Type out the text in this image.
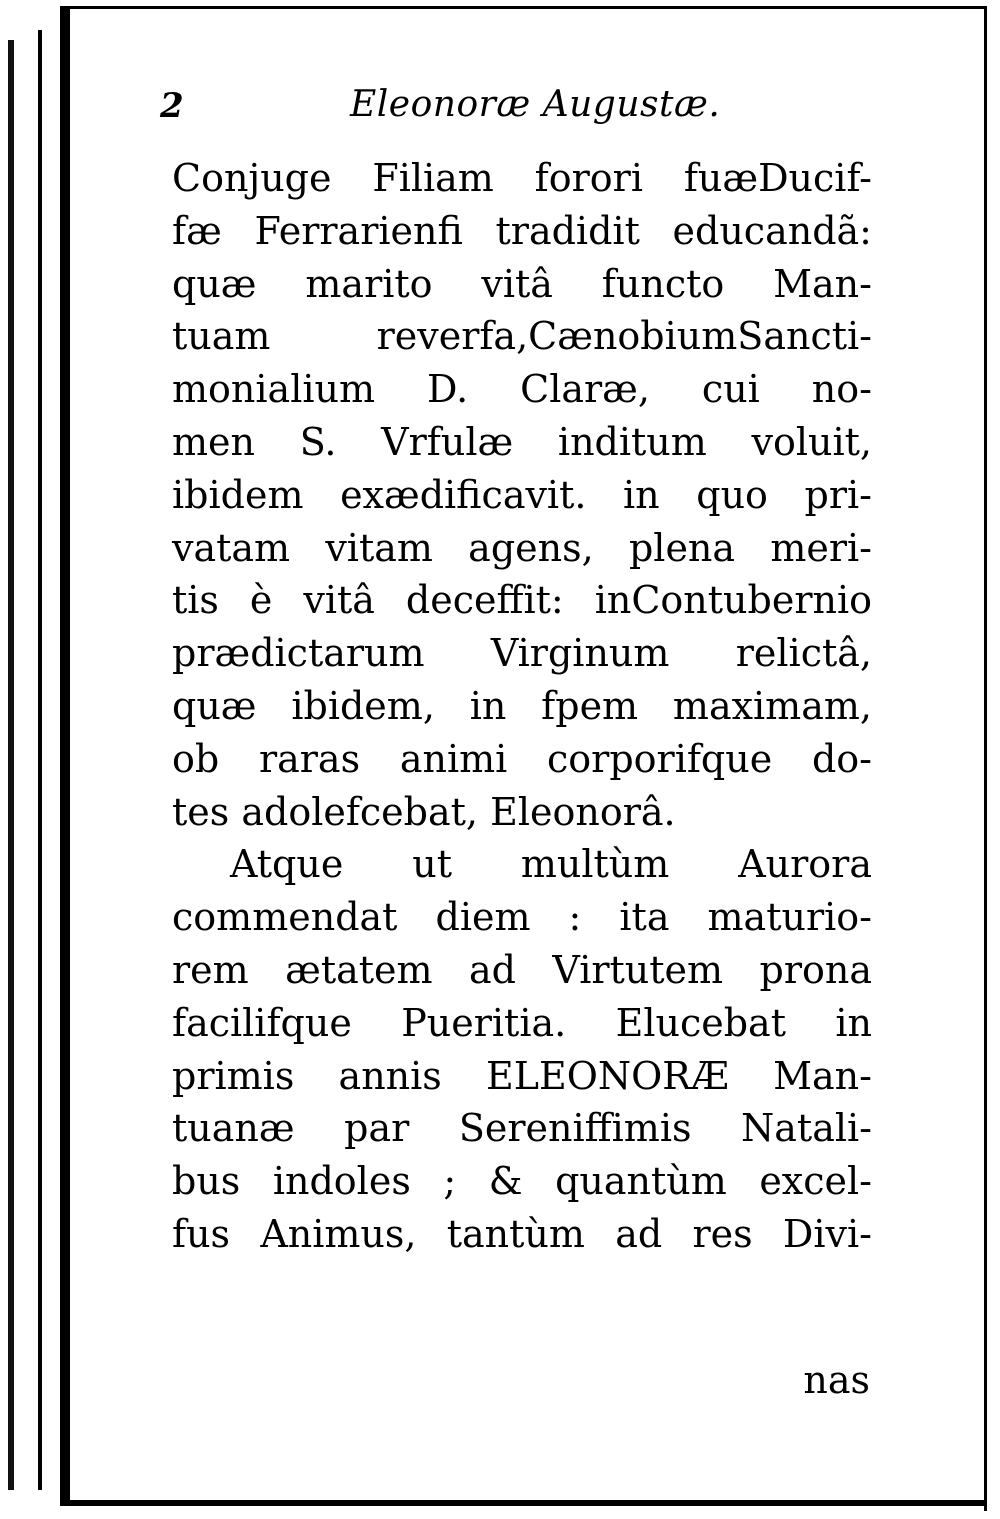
2	Eleonoræ Augustæ.
Conjuge Filiam forori fuæDucif-
fæ Ferrarienfi tradidit educandã:
quæ marito vitâ functo Man-
tuam reverfa,CænobiumSancti-
monialium D. Claræ, cui no-
men S. Vrfulæ inditum voluit,
ibidem exædificavit. in quo pri-
vatam vitam agens, plena meri-
tis è vitâ deceffit: inContubernio
prædictarum Virginum relictâ,
quæ ibidem, in fpem maximam,
ob raras animi corporifque do-
tes adolefcebat, Eleonorâ.
Atque ut multùm Aurora
commendat diem : ita maturio-
rem ætatem ad Virtutem prona
facilifque Pueritia. Elucebat in
primis annis ELEONORÆ Man-
tuanæ par Sereniffimis Natali-
bus indoles ; & quantùm excel-
fus Animus, tantùm ad res Divi-
nas
